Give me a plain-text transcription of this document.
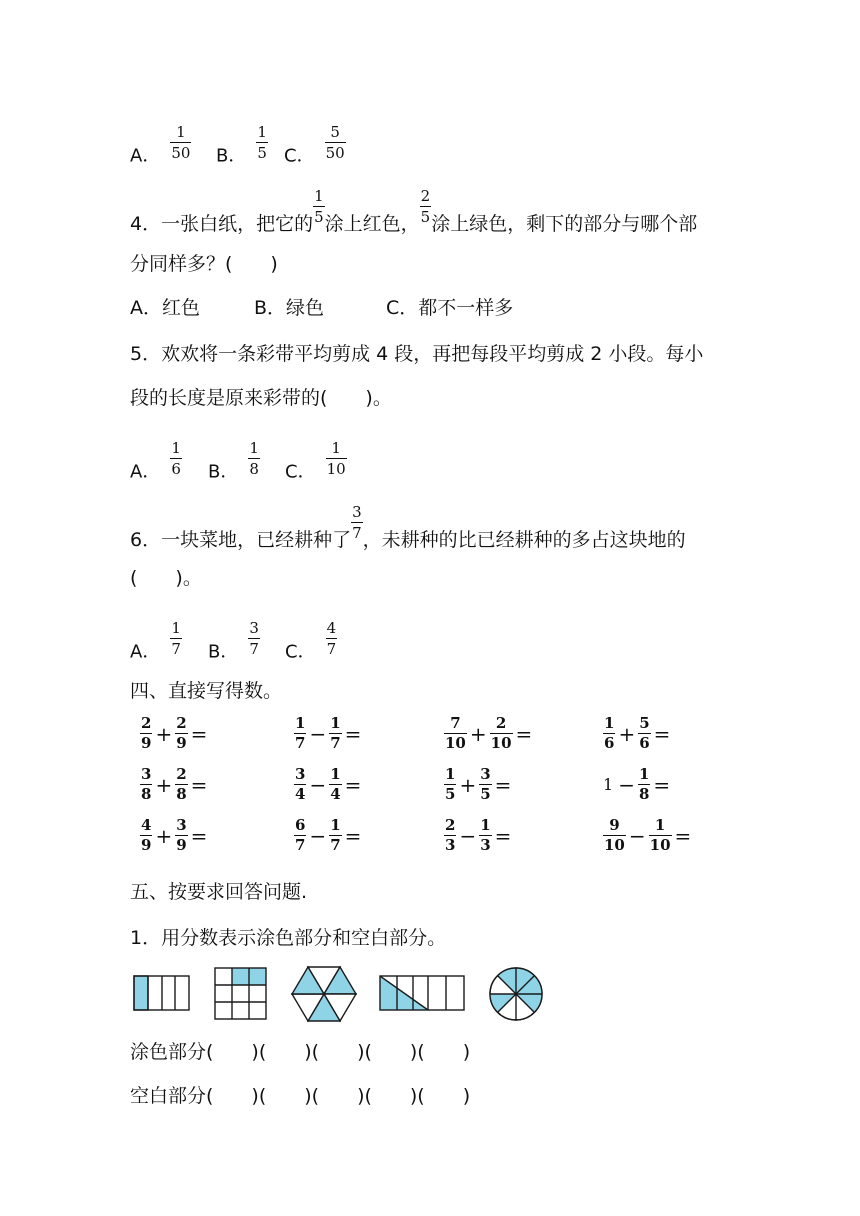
A． $\frac{1}{50}$ B． $\frac{1}{5}$ C． $\frac{5}{50}$
4．一张白纸，把它的 $\frac{1}{5}$ 涂上红色， $\frac{2}{5}$ 涂上绿色，剩下的部分与哪个部
分同样多？(　　)
A．红色	B．绿色	C．都不一样多
5．欢欢将一条彩带平均剪成 4 段，再把每段平均剪成 2 小段。每小
段的长度是原来彩带的(　　)。
A． $\frac{1}{6}$ B． $\frac{1}{8}$ C． $\frac{1}{10}$
6．一块菜地，已经耕种了 $\frac{3}{7}$ ，未耕种的比已经耕种的多占这块地的
(　　)。
A． $\frac{1}{7}$ B． $\frac{3}{7}$ C． $\frac{4}{7}$
四、直接写得数。
$\frac{2}{9} + \frac{2}{9}$ =	$\frac{1}{7} - \frac{1}{7}$ =	$\frac{7}{10} + \frac{2}{10}$ =	$\frac{1}{6} + \frac{5}{6}$ =
$\frac{3}{8} + \frac{2}{8}$ =	$\frac{3}{4} - \frac{1}{4}$ =	$\frac{1}{5} + \frac{3}{5}$ =	$1 - \frac{1}{8}$ =
$\frac{4}{9} + \frac{3}{9}$ =	$\frac{6}{7} - \frac{1}{7}$ =	$\frac{2}{3} - \frac{1}{3}$ =	$\frac{9}{10} - \frac{1}{10}$ =
五、按要求回答问题.
1．用分数表示涂色部分和空白部分。
涂色部分(　　)(　　)(　　)(　　)(　　)
空白部分(　　)(　　)(　　)(　　)(　　)
